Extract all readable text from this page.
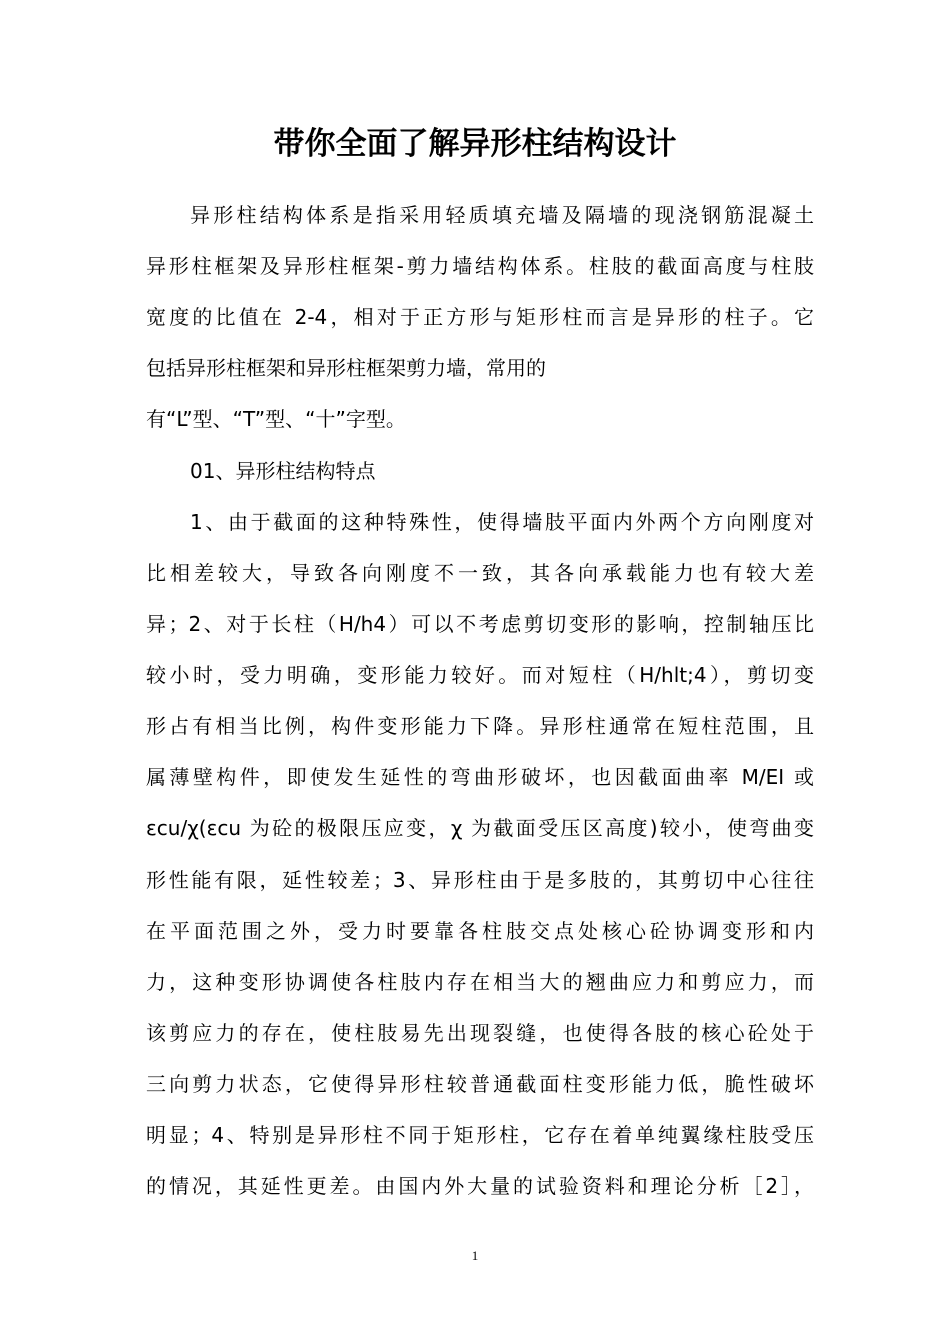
带你全面了解异形柱结构设计
异形柱结构体系是指采用轻质填充墙及隔墙的现浇钢筋混凝土
异形柱框架及异形柱框架-剪力墙结构体系。柱肢的截面高度与柱肢
宽度的比值在 2-4，相对于正方形与矩形柱而言是异形的柱子。它
包括异形柱框架和异形柱框架剪力墙，常用的
有“L”型、“T”型、“十”字型。
01、异形柱结构特点
1、由于截面的这种特殊性，使得墙肢平面内外两个方向刚度对
比相差较大，导致各向刚度不一致，其各向承载能力也有较大差
异；2、对于长柱（H/h4）可以不考虑剪切变形的影响，控制轴压比
较小时，受力明确，变形能力较好。而对短柱（H/hlt;4），剪切变
形占有相当比例，构件变形能力下降。异形柱通常在短柱范围，且
属薄壁构件，即使发生延性的弯曲形破坏，也因截面曲率 M/EI 或
εcu/χ(εcu 为砼的极限压应变，χ 为截面受压区高度)较小，使弯曲变
形性能有限，延性较差；3、异形柱由于是多肢的，其剪切中心往往
在平面范围之外，受力时要靠各柱肢交点处核心砼协调变形和内
力，这种变形协调使各柱肢内存在相当大的翘曲应力和剪应力，而
该剪应力的存在，使柱肢易先出现裂缝，也使得各肢的核心砼处于
三向剪力状态，它使得异形柱较普通截面柱变形能力低，脆性破坏
明显；4、特别是异形柱不同于矩形柱，它存在着单纯翼缘柱肢受压
的情况，其延性更差。由国内外大量的试验资料和理论分析［2］，
1
